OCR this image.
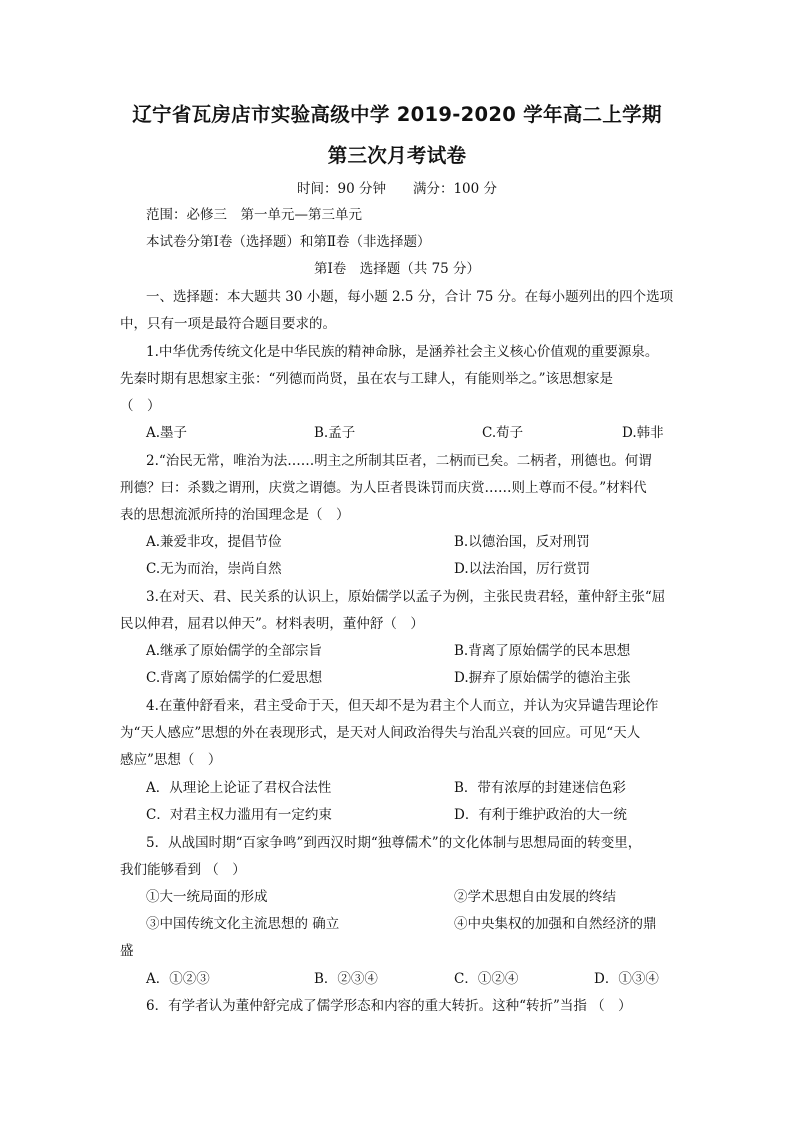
辽宁省瓦房店市实验高级中学 2019-2020 学年高二上学期
第三次月考试卷
时间：90 分钟　　满分：100 分
范围：必修三　第一单元—第三单元
本试卷分第Ⅰ卷（选择题）和第Ⅱ卷（非选择题）
第Ⅰ卷　选择题（共 75 分）
一、选择题：本大题共 30 小题，每小题 2.5 分，合计 75 分。在每小题列出的四个选项
中，只有一项是最符合题目要求的。
1.中华优秀传统文化是中华民族的精神命脉，是涵养社会主义核心价值观的重要源泉。
先秦时期有思想家主张：“列德而尚贤，虽在农与工肆人，有能则举之。”该思想家是
（　）
A.墨子	B.孟子	C.荀子	D.韩非
2.“治民无常，唯治为法……明主之所制其臣者，二柄而已矣。二柄者，刑德也。何谓
刑德？曰：杀戮之谓刑，庆赏之谓德。为人臣者畏诛罚而庆赏……则上尊而不侵。”材料代
表的思想流派所持的治国理念是（　）
A.兼爱非攻，提倡节俭	B.以德治国，反对刑罚
C.无为而治，崇尚自然	D.以法治国，厉行赏罚
3.在对天、君、民关系的认识上，原始儒学以孟子为例，主张民贵君轻，董仲舒主张“屈
民以伸君，屈君以伸天”。材料表明，董仲舒（　）
A.继承了原始儒学的全部宗旨	B.背离了原始儒学的民本思想
C.背离了原始儒学的仁爱思想	D.摒弃了原始儒学的德治主张
4.在董仲舒看来，君主受命于天，但天却不是为君主个人而立，并认为灾异谴告理论作
为“天人感应”思想的外在表现形式，是天对人间政治得失与治乱兴衰的回应。可见“天人
感应”思想（　）
A．从理论上论证了君权合法性	B．带有浓厚的封建迷信色彩
C．对君主权力滥用有一定约束	D．有利于维护政治的大一统
5．从战国时期“百家争鸣”到西汉时期“独尊儒术”的文化体制与思想局面的转变里，
我们能够看到 （　）
①大一统局面的形成	②学术思想自由发展的终结
③中国传统文化主流思想的 确立	④中央集权的加强和自然经济的鼎
盛
A．①②③	B．②③④	C．①②④	D．①③④
6．有学者认为董仲舒完成了儒学形态和内容的重大转折。这种“转折”当指 （　）
